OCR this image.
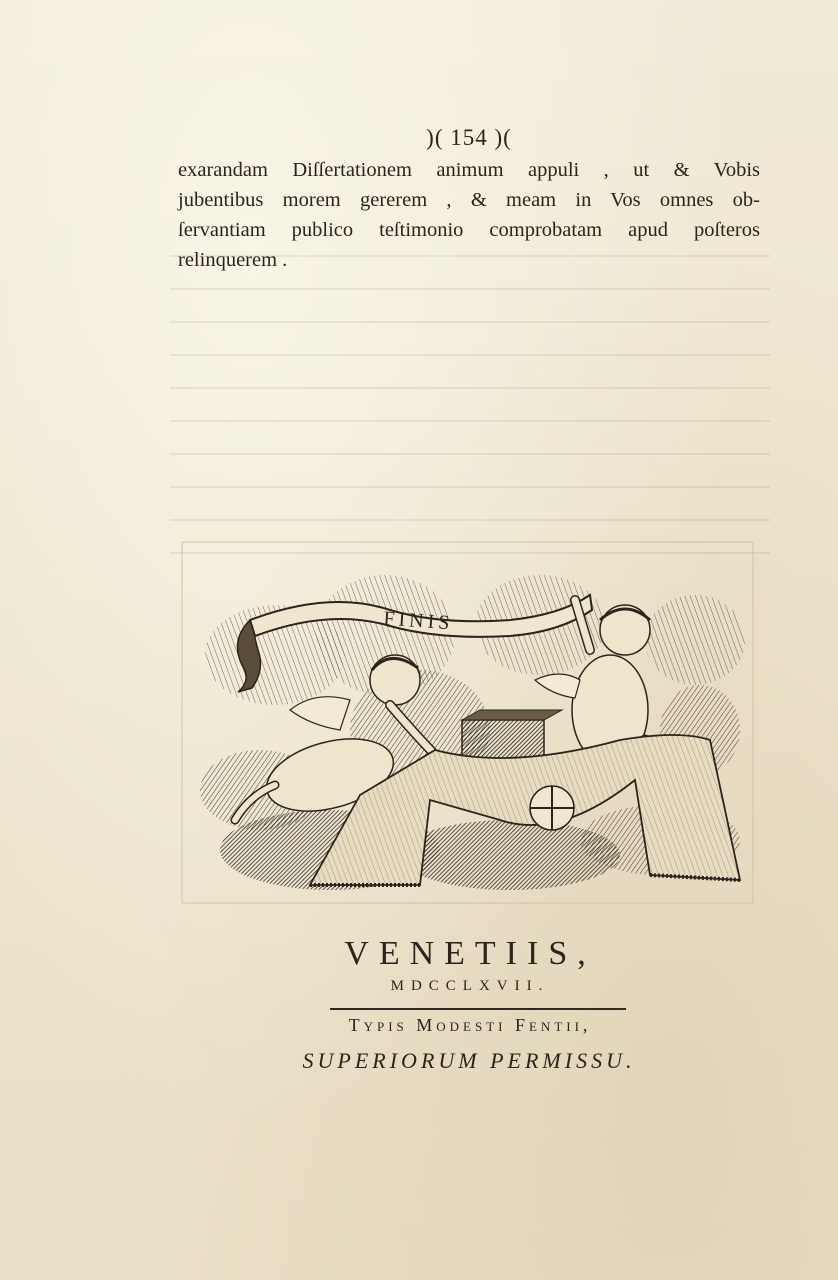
)( 154 )(
exarandam Diſſertationem animum appuli , ut & Vobis
jubentibus morem gererem , & meam in Vos omnes ob-
ſervantiam publico teſtimonio comprobatam apud poſteros
relinquerem .
FINIS
VENETIIS,
MDCCLXVII.
Typis Modesti Fentii,
SUPERIORUM PERMISSU.
